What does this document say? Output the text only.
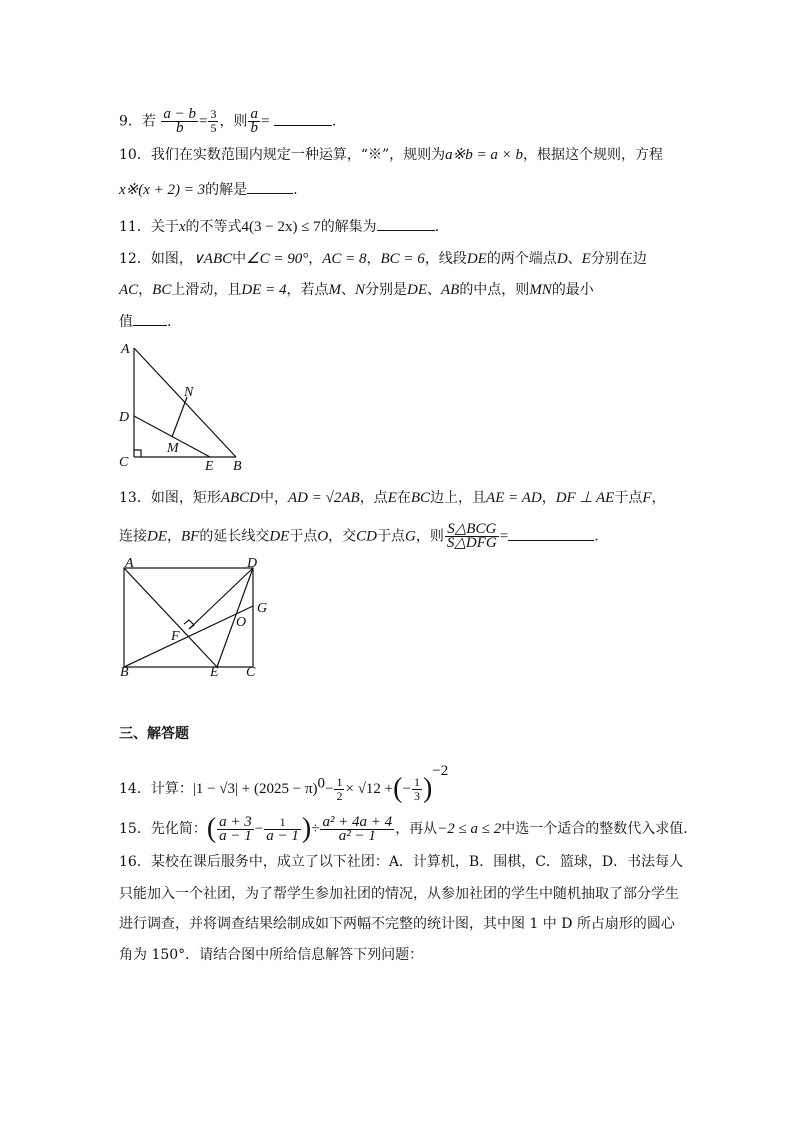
9．若 $\frac{a - b}{b} = \frac{3}{5}$ ，则 $\frac{a}{b}$ =	.
10．我们在实数范围内规定一种运算，“※”，规则为a※b = a × b，根据这个规则，方程
x※(x + 2) = 3的解是	.
11．关于x的不等式4(3 − 2x) ≤ 7的解集为	.
12．如图，∨ABC中∠C = 90°，AC = 8，BC = 6，线段DE的两个端点D、E分别在边
AC，BC上滑动，且DE = 4，若点M、N分别是DE、AB的中点，则MN的最小
值 .
A
N
D
M
C	E B
13．如图，矩形ABCD中，AD = √2AB，点E在BC边上，且AE = AD，DF ⊥ AE于点F，
连接DE，BF的延长线交DE于点O，交CD于点G，则 $\frac{\text{S△BCG}}{\text{S△DFG}}$ =	.
A	D
G
F
O
B	E C
三、解答题
14．计算：$|1 - √3| + (2025 - \pi)^0- \frac{1}{2} \times √12$ +(− $\frac{1}{3} )^{-2}$
15．先化简：( $\frac{a + 3}{a - 1} - \frac{1}{a - 1}$ )÷ $\frac{\text{a² + 4a + 4}}{\text{a² − 1}}$ ，再从−2 ≤ a ≤ 2中选一个适合的整数代入求值.
16．某校在课后服务中，成立了以下社团：A．计算机，B．围棋，C．篮球，D．书法每人
只能加入一个社团，为了帮学生参加社团的情况，从参加社团的学生中随机抽取了部分学生
进行调查，并将调查结果绘制成如下两幅不完整的统计图，其中图 1 中 D 所占扇形的圆心
角为 150°．请结合图中所给信息解答下列问题：
